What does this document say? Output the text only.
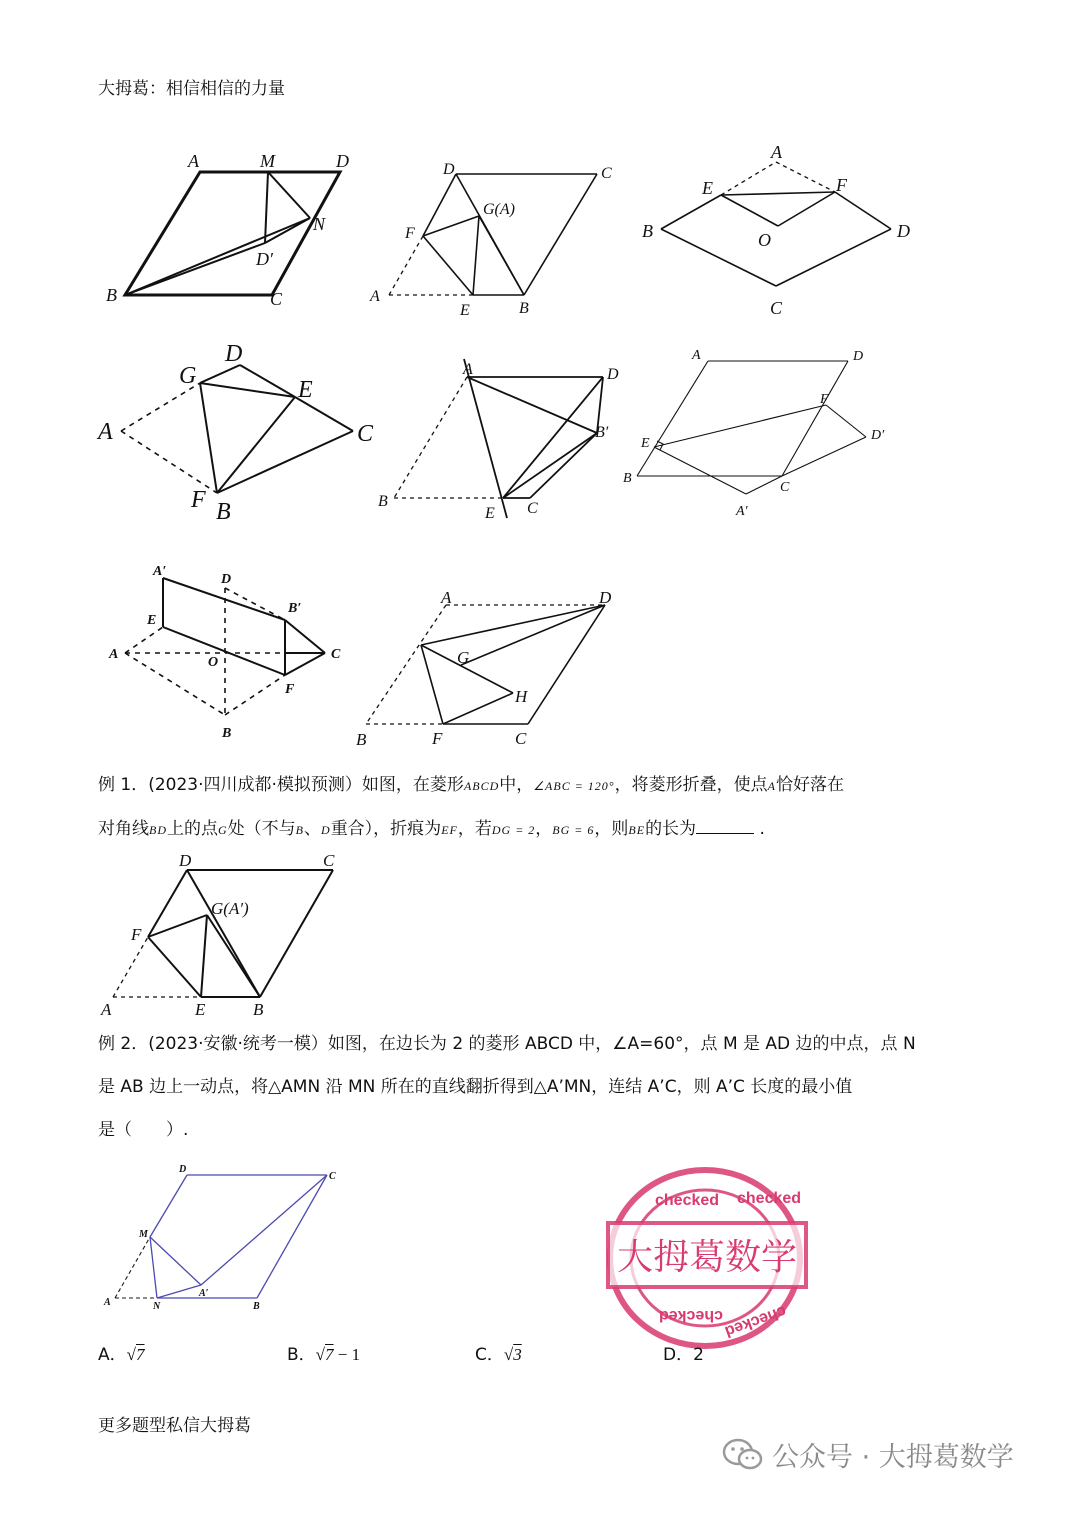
大拇葛：相信相信的力量
A	M	D
N
D′
B	C
D	C
G(A)
F
A
E	B
A
E	F
B	O	D
C
D
G
E
A	C
F B
A	D
B′
B
E C
A	D
F
D′
E
B
C
A′
A′
D
B′
E
A
O
C
F
B
A	D
G
H
B	F	C
例 1．(2023·四川成都·模拟预测）如图，在菱形ABCD中，∠ABC = 120°，将菱形折叠，使点A恰好落在
对角线BD上的点G处（不与B、D重合），折痕为EF，若DG = 2，BG = 6，则BE的长为	.
D	C
G(A′)
F
A	E	B
例 2．(2023·安徽·统考一模）如图，在边长为 2 的菱形 ABCD 中，∠A=60°，点 M 是 AD 边的中点，点 N
是 AB 边上一动点，将△AMN 沿 MN 所在的直线翻折得到△A’MN，连结 A’C，则 A’C 长度的最小值
是（　　）.
D
C
M
A	N
A′
B
checked checked
checked checked
大拇葛数学
A．√7	B．√7 − 1	C．√3	D．2
更多题型私信大拇葛
公众号 · 大拇葛数学
